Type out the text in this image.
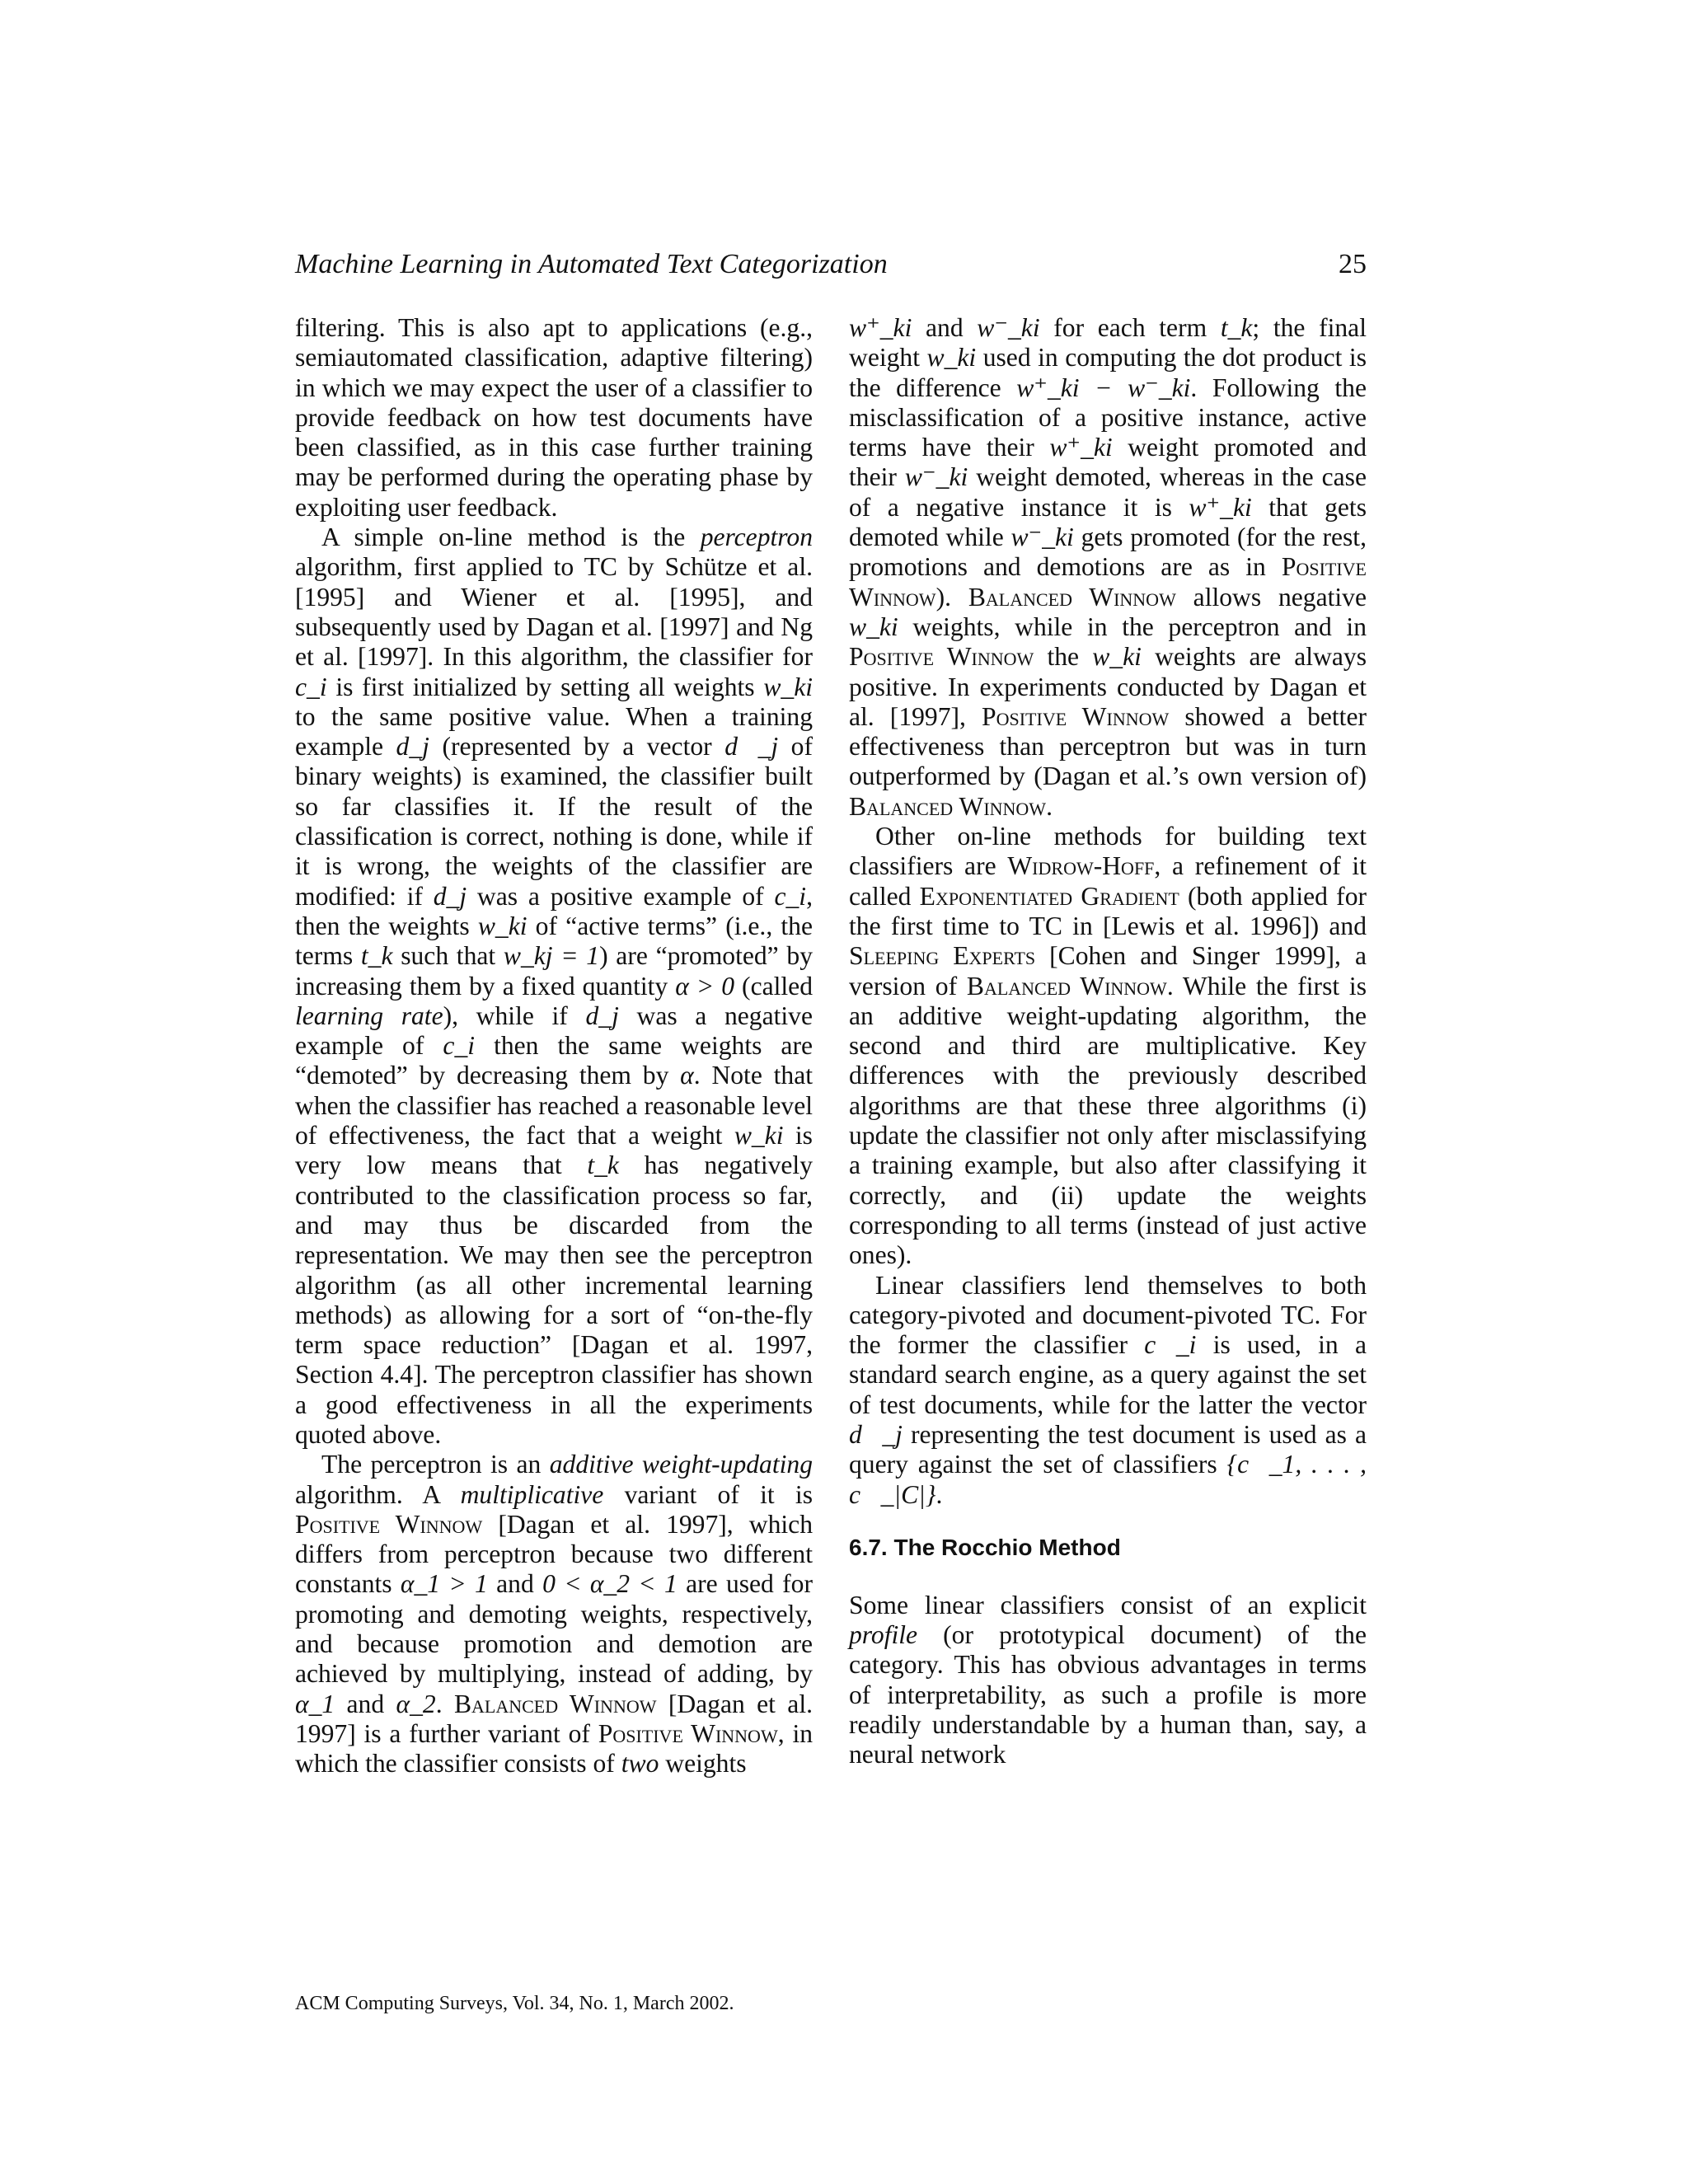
Machine Learning in Automated Text Categorization	25

filtering. This is also apt to applications (e.g., semiautomated classification, adaptive filtering) in which we may expect the user of a classifier to provide feedback on how test documents have been classified, as in this case further training may be performed during the operating phase by exploiting user feedback.

A simple on-line method is the perceptron algorithm, first applied to TC by Schütze et al. [1995] and Wiener et al. [1995], and subsequently used by Dagan et al. [1997] and Ng et al. [1997]. In this algorithm, the classifier for c_i is first initialized by setting all weights w_ki to the same positive value. When a training example d_j (represented by a vector d⃗_j of binary weights) is examined, the classifier built so far classifies it. If the result of the classification is correct, nothing is done, while if it is wrong, the weights of the classifier are modified: if d_j was a positive example of c_i, then the weights w_ki of “active terms” (i.e., the terms t_k such that w_kj = 1) are “promoted” by increasing them by a fixed quantity α > 0 (called learning rate), while if d_j was a negative example of c_i then the same weights are “demoted” by decreasing them by α. Note that when the classifier has reached a reasonable level of effectiveness, the fact that a weight w_ki is very low means that t_k has negatively contributed to the classification process so far, and may thus be discarded from the representation. We may then see the perceptron algorithm (as all other incremental learning methods) as allowing for a sort of “on-the-fly term space reduction” [Dagan et al. 1997, Section 4.4]. The perceptron classifier has shown a good effectiveness in all the experiments quoted above.

The perceptron is an additive weight-updating algorithm. A multiplicative variant of it is Positive Winnow [Dagan et al. 1997], which differs from perceptron because two different constants α_1 > 1 and 0 < α_2 < 1 are used for promoting and demoting weights, respectively, and because promotion and demotion are achieved by multiplying, instead of adding, by α_1 and α_2. Balanced Winnow [Dagan et al. 1997] is a further variant of Positive Winnow, in which the classifier consists of two weights

w⁺_ki and w⁻_ki for each term t_k; the final weight w_ki used in computing the dot product is the difference w⁺_ki − w⁻_ki. Following the misclassification of a positive instance, active terms have their w⁺_ki weight promoted and their w⁻_ki weight demoted, whereas in the case of a negative instance it is w⁺_ki that gets demoted while w⁻_ki gets promoted (for the rest, promotions and demotions are as in Positive Winnow). Balanced Winnow allows negative w_ki weights, while in the perceptron and in Positive Winnow the w_ki weights are always positive. In experiments conducted by Dagan et al. [1997], Positive Winnow showed a better effectiveness than perceptron but was in turn outperformed by (Dagan et al.’s own version of) Balanced Winnow.

Other on-line methods for building text classifiers are Widrow-Hoff, a refinement of it called Exponentiated Gradient (both applied for the first time to TC in [Lewis et al. 1996]) and Sleeping Experts [Cohen and Singer 1999], a version of Balanced Winnow. While the first is an additive weight-updating algorithm, the second and third are multiplicative. Key differences with the previously described algorithms are that these three algorithms (i) update the classifier not only after misclassifying a training example, but also after classifying it correctly, and (ii) update the weights corresponding to all terms (instead of just active ones).

Linear classifiers lend themselves to both category-pivoted and document-pivoted TC. For the former the classifier c⃗_i is used, in a standard search engine, as a query against the set of test documents, while for the latter the vector d⃗_j representing the test document is used as a query against the set of classifiers {c⃗_1, . . . , c⃗_|C|}.

6.7. The Rocchio Method

Some linear classifiers consist of an explicit profile (or prototypical document) of the category. This has obvious advantages in terms of interpretability, as such a profile is more readily understandable by a human than, say, a neural network

ACM Computing Surveys, Vol. 34, No. 1, March 2002.
